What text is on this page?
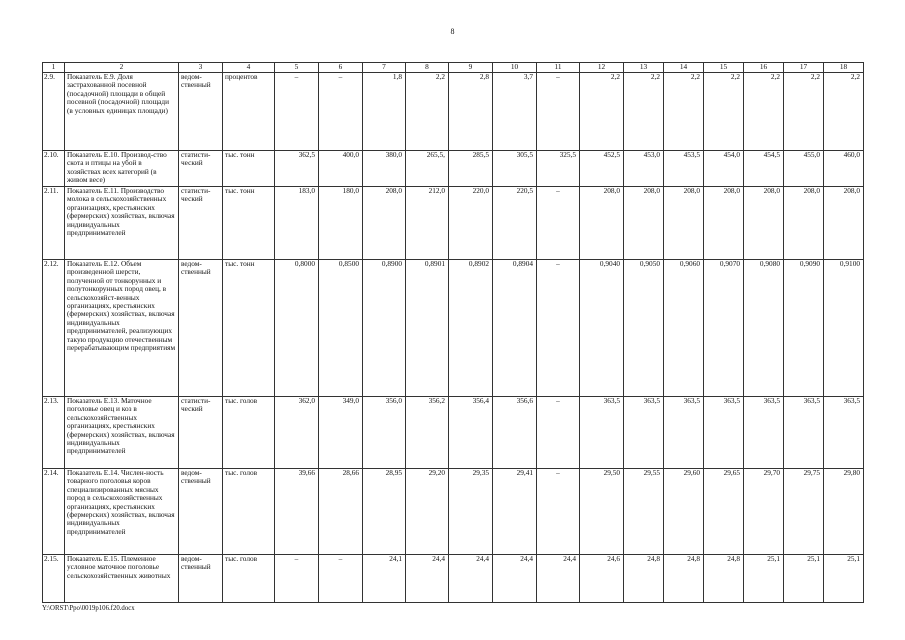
8
1	2	3	4	5	6	7	8	9	10	11	12	13	14	15	16	17	18
2.9.	Показатель Е.9. Доля застрахованной посевной (посадочной) площади в общей посевной (посадочной) площади (в условных единицах площади)	ведом-ственный	процентов	–	–	1,8	2,2	2,8	3,7	–	2,2	2,2	2,2	2,2	2,2	2,2	2,2
2.10.	Показатель Е.10. Производ-ство скота и птицы на убой в хозяйствах всех категорий (в живом весе)	статисти-ческий	тыс. тонн	362,5	400,0	380,0	265,5,	285,5	305,5	325,5	452,5	453,0	453,5	454,0	454,5	455,0	460,0
2.11.	Показатель Е.11. Производство молока в сельскохозяйственных организациях, крестьянских (фермерских) хозяйствах, включая индивидуальных предпринимателей	статисти-ческий	тыс. тонн	183,0	180,0	208,0	212,0	220,0	220,5	–	208,0	208,0	208,0	208,0	208,0	208,0	208,0
2.12.	Показатель Е.12. Объем произведенной шерсти, полученной от тонкорунных и полутонкорунных пород овец, в сельскохозяйст-венных организациях, крестьянских (фермерских) хозяйствах, включая индивидуальных предпринимателей, реализующих такую продукцию отечественным перерабатывающим предприятиям	ведом-ственный	тыс. тонн	0,8000	0,8500	0,8900	0,8901	0,8902	0,8904	–	0,9040	0,9050	0,9060	0,9070	0,9080	0,9090	0,9100
2.13.	Показатель Е.13. Маточное поголовье овец и коз в сельскохозяйственных организациях, крестьянских (фермерских) хозяйствах, включая индивидуальных предпринимателей	статисти-ческий	тыс. голов	362,0	349,0	356,0	356,2	356,4	356,6	–	363,5	363,5	363,5	363,5	363,5	363,5	363,5
2.14.	Показатель Е.14. Числен-ность товарного поголовья коров специализированных мясных пород в сельскохозяйственных организациях, крестьянских (фермерских) хозяйствах, включая индивидуальных предпринимателей	ведом-ственный	тыс. голов	39,66	28,66	28,95	29,20	29,35	29,41	–	29,50	29,55	29,60	29,65	29,70	29,75	29,80
2.15.	Показатель Е.15. Племенное условное маточное поголовье сельскохозяйственных животных	ведом-ственный	тыс. голов	–	–	24,1	24,4	24,4	24,4	24,4	24,6	24,8	24,8	24,8	25,1	25,1	25,1
Y:\ORST\Ppo\0019p106.f20.docx
